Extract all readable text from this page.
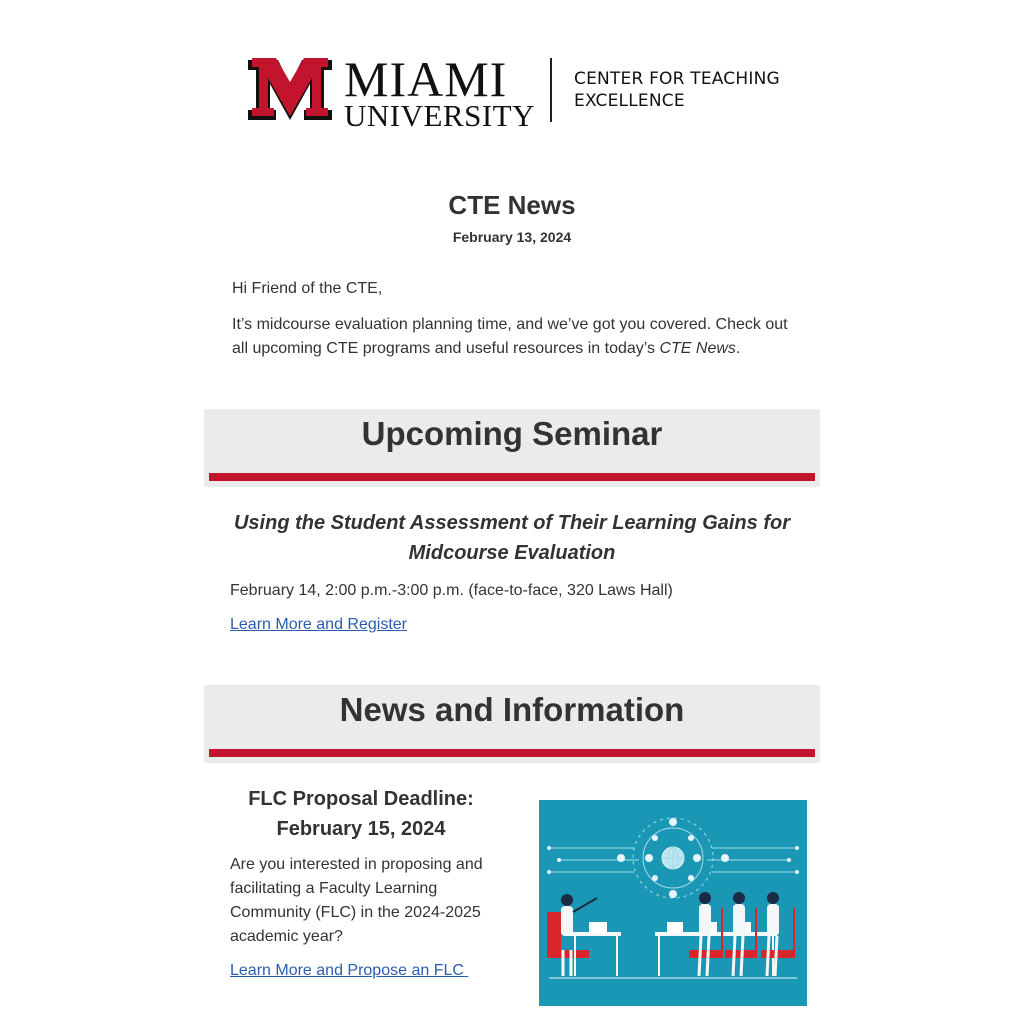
MIAMI
UNIVERSITY
CENTER FOR TEACHING
EXCELLENCE
CTE News
February 13, 2024
Hi Friend of the CTE,
It’s midcourse evaluation planning time, and we’ve got you covered. Check out all upcoming CTE programs and useful resources in today’s CTE News.
Upcoming Seminar
Using the Student Assessment of Their Learning Gains for Midcourse Evaluation
February 14, 2:00 p.m.-3:00 p.m. (face-to-face, 320 Laws Hall)
Learn More and Register
News and Information
FLC Proposal Deadline: February 15, 2024
Are you interested in proposing and facilitating a Faculty Learning Community (FLC) in the 2024-2025 academic year?
Learn More and Propose an FLC
